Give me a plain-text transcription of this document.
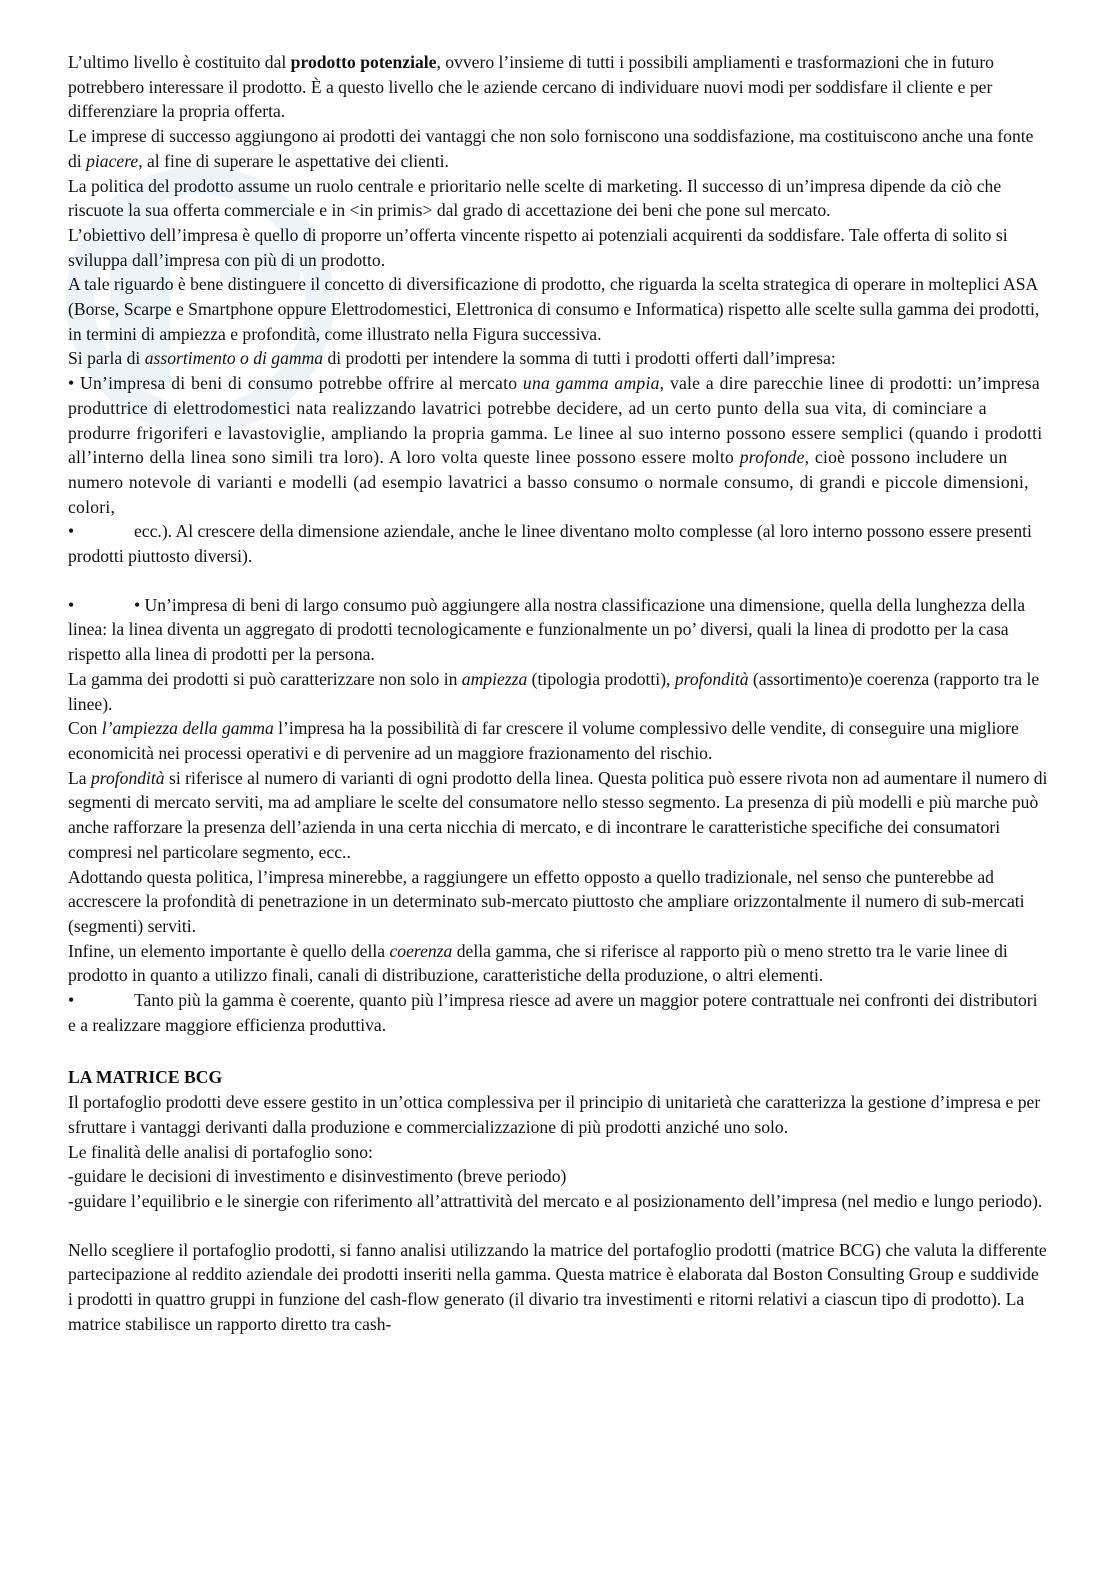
L’ultimo livello è costituito dal prodotto potenziale, ovvero l’insieme di tutti i possibili ampliamenti e trasformazioni che in futuro potrebbero interessare il prodotto. È a questo livello che le aziende cercano di individuare nuovi modi per soddisfare il cliente e per differenziare la propria offerta.

Le imprese di successo aggiungono ai prodotti dei vantaggi che non solo forniscono una soddisfazione, ma costituiscono anche una fonte di piacere, al fine di superare le aspettative dei clienti.

La politica del prodotto assume un ruolo centrale e prioritario nelle scelte di marketing. Il successo di un’impresa dipende da ciò che riscuote la sua offerta commerciale e in <in primis> dal grado di accettazione dei beni che pone sul mercato.

L’obiettivo dell’impresa è quello di proporre un’offerta vincente rispetto ai potenziali acquirenti da soddisfare. Tale offerta di solito si sviluppa dall’impresa con più di un prodotto.

A tale riguardo è bene distinguere il concetto di diversificazione di prodotto, che riguarda la scelta strategica di operare in molteplici ASA (Borse, Scarpe e Smartphone oppure Elettrodomestici, Elettronica di consumo e Informatica) rispetto alle scelte sulla gamma dei prodotti, in termini di ampiezza e profondità, come illustrato nella Figura successiva.

Si parla di assortimento o di gamma di prodotti per intendere la somma di tutti i prodotti offerti dall’impresa:

• Un’impresa di beni di consumo potrebbe offrire al mercato una gamma ampia, vale a dire parecchie linee di prodotti: un’impresa produttrice di elettrodomestici nata realizzando lavatrici potrebbe decidere, ad un certo punto della sua vita, di cominciare a produrre frigoriferi e lavastoviglie, ampliando la propria gamma. Le linee al suo interno possono essere semplici (quando i prodotti all’interno della linea sono simili tra loro). A loro volta queste linee possono essere molto profonde, cioè possono includere un numero notevole di varianti e modelli (ad esempio lavatrici a basso consumo o normale consumo, di grandi e piccole dimensioni, colori,

•	ecc.). Al crescere della dimensione aziendale, anche le linee diventano molto complesse (al loro interno possono essere presenti prodotti piuttosto diversi).

•	• Un’impresa di beni di largo consumo può aggiungere alla nostra classificazione una dimensione, quella della lunghezza della linea: la linea diventa un aggregato di prodotti tecnologicamente e funzionalmente un po’ diversi, quali la linea di prodotto per la casa rispetto alla linea di prodotti per la persona.

La gamma dei prodotti si può caratterizzare non solo in ampiezza (tipologia prodotti), profondità (assortimento)e coerenza (rapporto tra le linee).

Con l’ampiezza della gamma l’impresa ha la possibilità di far crescere il volume complessivo delle vendite, di conseguire una migliore economicità nei processi operativi e di pervenire ad un maggiore frazionamento del rischio.

La profondità si riferisce al numero di varianti di ogni prodotto della linea. Questa politica può essere rivota non ad aumentare il numero di segmenti di mercato serviti, ma ad ampliare le scelte del consumatore nello stesso segmento. La presenza di più modelli e più marche può anche rafforzare la presenza dell’azienda in una certa nicchia di mercato, e di incontrare le caratteristiche specifiche dei consumatori compresi nel particolare segmento, ecc..

Adottando questa politica, l’impresa minerebbe, a raggiungere un effetto opposto a quello tradizionale, nel senso che punterebbe ad accrescere la profondità di penetrazione in un determinato sub-mercato piuttosto che ampliare orizzontalmente il numero di sub-mercati (segmenti) serviti.

Infine, un elemento importante è quello della coerenza della gamma, che si riferisce al rapporto più o meno stretto tra le varie linee di prodotto in quanto a utilizzo finali, canali di distribuzione, caratteristiche della produzione, o altri elementi.

•	Tanto più la gamma è coerente, quanto più l’impresa riesce ad avere un maggior potere contrattuale nei confronti dei distributori e a realizzare maggiore efficienza produttiva.

LA MATRICE BCG

Il portafoglio prodotti deve essere gestito in un’ottica complessiva per il principio di unitarietà che caratterizza la gestione d’impresa e per sfruttare i vantaggi derivanti dalla produzione e commercializzazione di più prodotti anziché uno solo.

Le finalità delle analisi di portafoglio sono:

-guidare le decisioni di investimento e disinvestimento (breve periodo)

-guidare l’equilibrio e le sinergie con riferimento all’attrattività del mercato e al posizionamento dell’impresa (nel medio e lungo periodo).

Nello scegliere il portafoglio prodotti, si fanno analisi utilizzando la matrice del portafoglio prodotti (matrice BCG) che valuta la differente partecipazione al reddito aziendale dei prodotti inseriti nella gamma. Questa matrice è elaborata dal Boston Consulting Group e suddivide i prodotti in quattro gruppi in funzione del cash-flow generato (il divario tra investimenti e ritorni relativi a ciascun tipo di prodotto). La matrice stabilisce un rapporto diretto tra cash-
